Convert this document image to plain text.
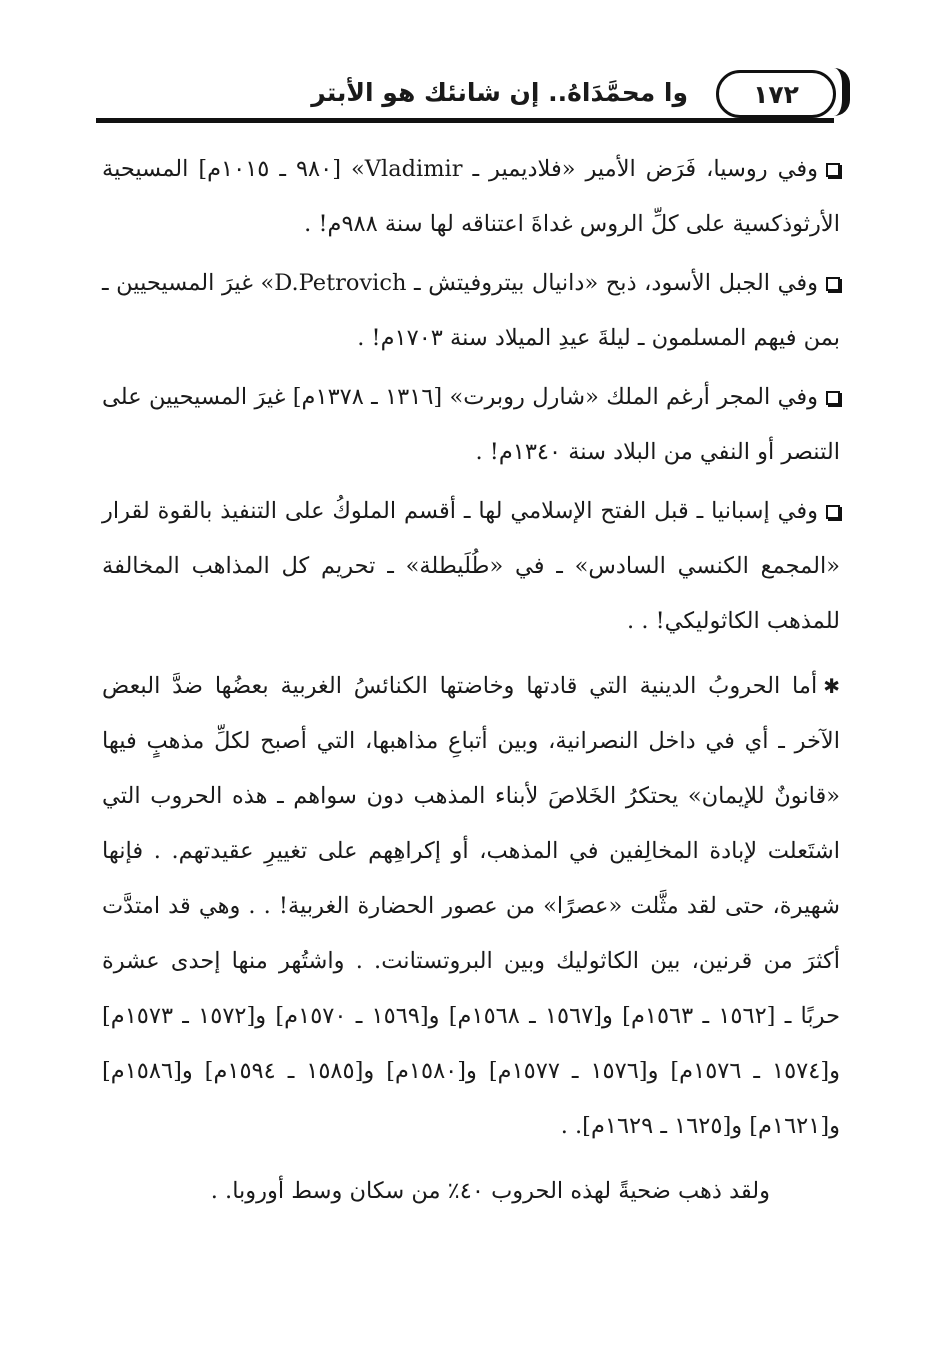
وا محمَّدَاهُ.. إن شانئك هو الأبتر	١٧٢

وفي روسيا، فَرَض الأمير «فلاديمير ـ Vladimir» [٩٨٠ ـ ١٠١٥م] المسيحية الأرثوذكسية على كلِّ الروس غداةَ اعتناقه لها سنة ٩٨٨م! .

وفي الجبل الأسود، ذبح «دانيال بيتروفيتش ـ D.Petrovich» غيرَ المسيحيين ـ بمن فيهم المسلمون ـ ليلةَ عيدِ الميلاد سنة ١٧٠٣م! .

وفي المجر أرغم الملك «شارل روبرت» [١٣١٦ ـ ١٣٧٨م] غيرَ المسيحيين على التنصر أو النفي من البلاد سنة ١٣٤٠م! .

وفي إسبانيا ـ قبل الفتح الإسلامي لها ـ أقسم الملوكُ على التنفيذ بالقوة لقرار «المجمع الكنسي السادس» ـ في «طُلَيطلة» ـ تحريم كل المذاهب المخالفة للمذهب الكاثوليكي! . .

✱أما الحروبُ الدينية التي قادتها وخاضتها الكنائسُ الغربية بعضُها ضدَّ البعض الآخر ـ أي في داخل النصرانية، وبين أتباعِ مذاهبها، التي أصبح لكلِّ مذهبٍ فيها «قانونٌ للإيمان» يحتكرُ الخَلاصَ لأبناء المذهب دون سواهم ـ هذه الحروب التي اشتَعلت لإبادة المخالِفين في المذهب، أو إكراهِهم على تغييرِ عقيدتهم. . فإنها شهيرة، حتى لقد مثَّلت «عصرًا» من عصور الحضارة الغربية! . . وهي قد امتدَّت أكثرَ من قرنين، بين الكاثوليك وبين البروتستانت. . واشتُهر منها إحدى عشرة حربًا ـ [١٥٦٢ ـ ١٥٦٣م] و[١٥٦٧ ـ ١٥٦٨م] و[١٥٦٩ ـ ١٥٧٠م] و[١٥٧٢ ـ ١٥٧٣م] و[١٥٧٤ ـ ١٥٧٦م] و[١٥٧٦ ـ ١٥٧٧م] و[١٥٨٠م] و[١٥٨٥ ـ ١٥٩٤م] و[١٥٨٦م] و[١٦٢١م] و[١٦٢٥ ـ ١٦٢٩م]. .

ولقد ذهب ضحيةً لهذه الحروب ٤٠٪ من سكان وسط أوروبا. .
